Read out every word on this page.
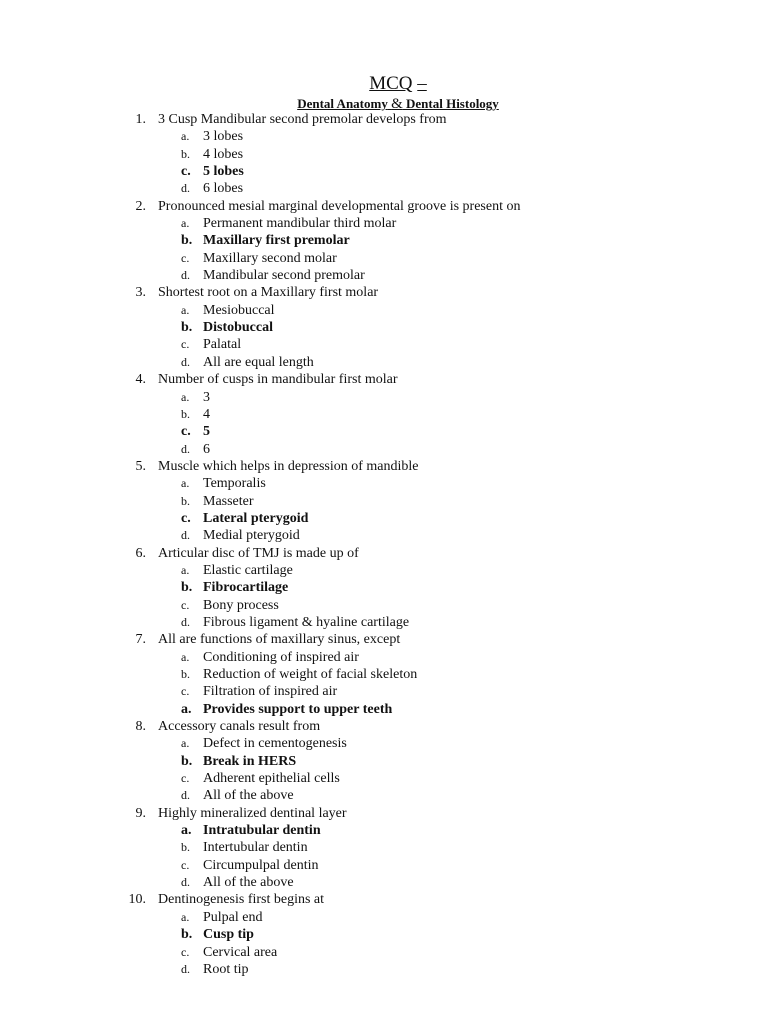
MCQ –
Dental Anatomy & Dental Histology
1. 3 Cusp Mandibular second premolar develops from
a. 3 lobes
b. 4 lobes
c. 5 lobes
d. 6 lobes
2. Pronounced mesial marginal developmental groove is present on
a. Permanent mandibular third molar
b. Maxillary first premolar
c. Maxillary second molar
d. Mandibular second premolar
3. Shortest root on a Maxillary first molar
a. Mesiobuccal
b. Distobuccal
c. Palatal
d. All are equal length
4. Number of cusps in mandibular first molar
a. 3
b. 4
c. 5
d. 6
5. Muscle which helps in depression of mandible
a. Temporalis
b. Masseter
c. Lateral pterygoid
d. Medial pterygoid
6. Articular disc of TMJ is made up of
a. Elastic cartilage
b. Fibrocartilage
c. Bony process
d. Fibrous ligament & hyaline cartilage
7. All are functions of maxillary sinus, except
a. Conditioning of inspired air
b. Reduction of weight of facial skeleton
c. Filtration of inspired air
a. Provides support to upper teeth
8. Accessory canals result from
a. Defect in cementogenesis
b. Break in HERS
c. Adherent epithelial cells
d. All of the above
9. Highly mineralized dentinal layer
a. Intratubular dentin
b. Intertubular dentin
c. Circumpulpal dentin
d. All of the above
10. Dentinogenesis first begins at
a. Pulpal end
b. Cusp tip
c. Cervical area
d. Root tip
